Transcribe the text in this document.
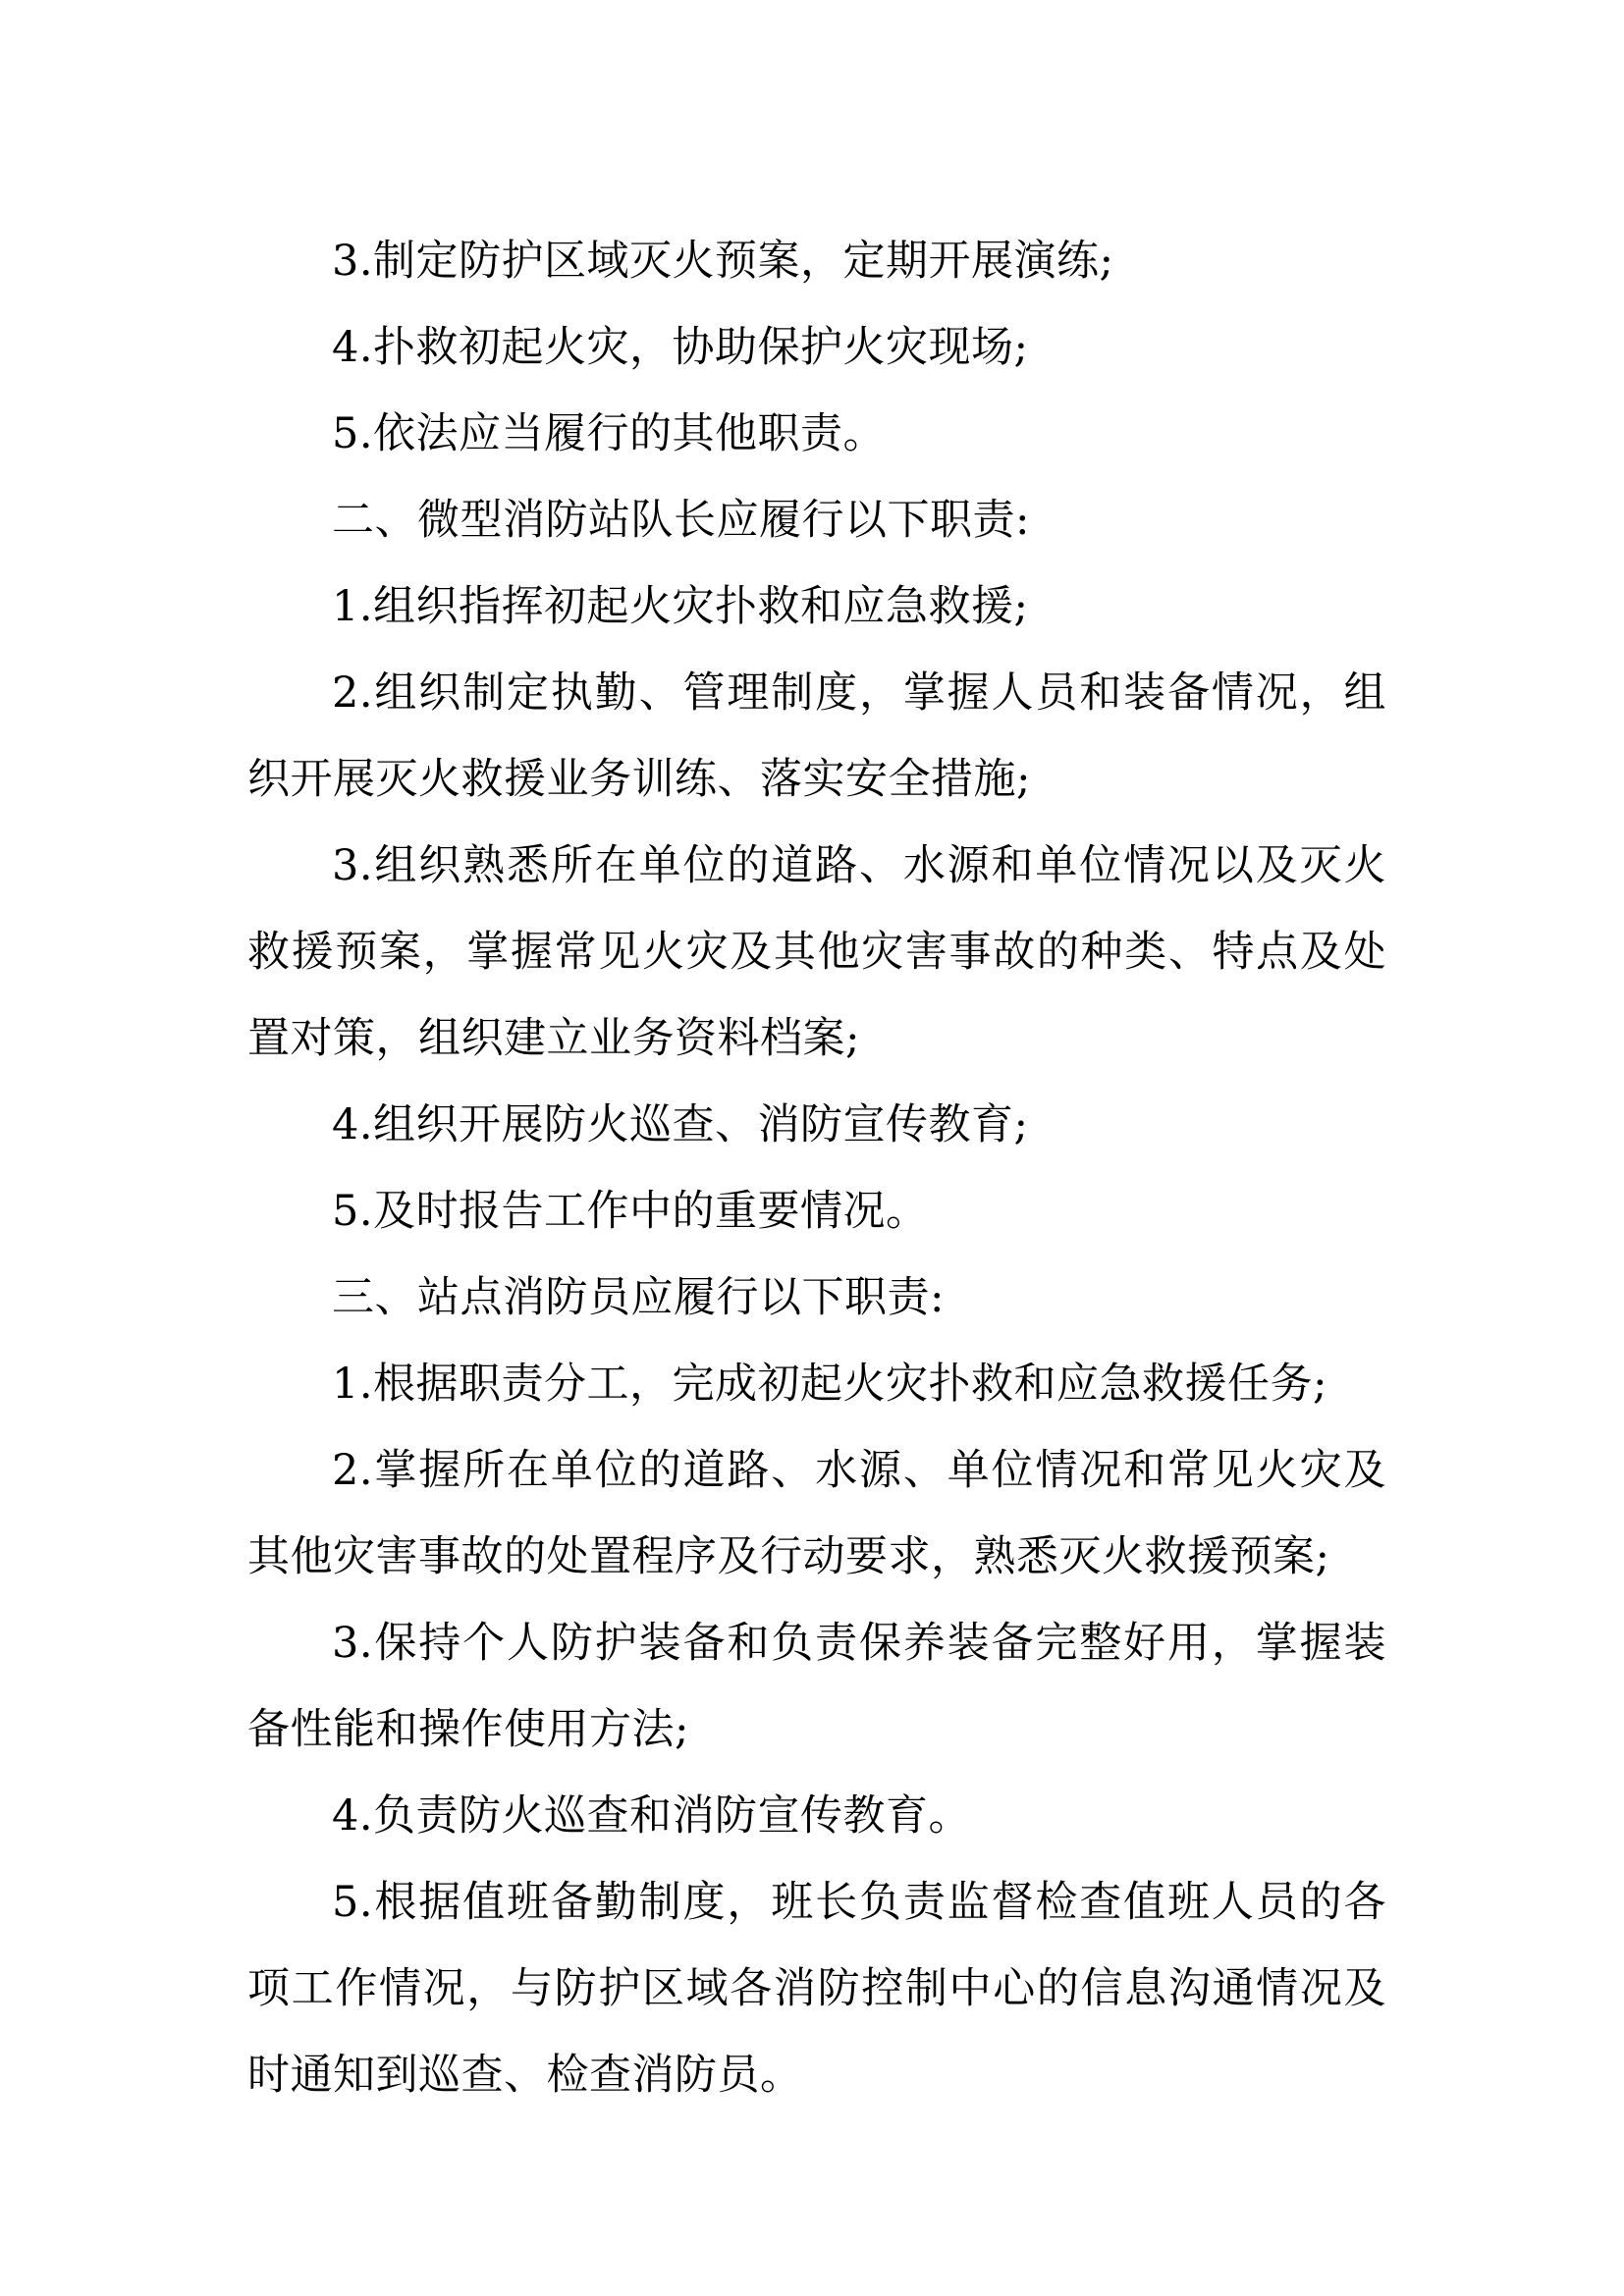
3.制定防护区域灭火预案，定期开展演练;

4.扑救初起火灾，协助保护火灾现场;

5.依法应当履行的其他职责。

二、微型消防站队长应履行以下职责:

1.组织指挥初起火灾扑救和应急救援;

2.组织制定执勤、管理制度，掌握人员和装备情况，组织开展灭火救援业务训练、落实安全措施;

3.组织熟悉所在单位的道路、水源和单位情况以及灭火救援预案，掌握常见火灾及其他灾害事故的种类、特点及处置对策，组织建立业务资料档案;

4.组织开展防火巡查、消防宣传教育;

5.及时报告工作中的重要情况。

三、站点消防员应履行以下职责:

1.根据职责分工，完成初起火灾扑救和应急救援任务;

2.掌握所在单位的道路、水源、单位情况和常见火灾及其他灾害事故的处置程序及行动要求，熟悉灭火救援预案;

3.保持个人防护装备和负责保养装备完整好用，掌握装备性能和操作使用方法;

4.负责防火巡查和消防宣传教育。

5.根据值班备勤制度，班长负责监督检查值班人员的各项工作情况，与防护区域各消防控制中心的信息沟通情况及时通知到巡查、检查消防员。
